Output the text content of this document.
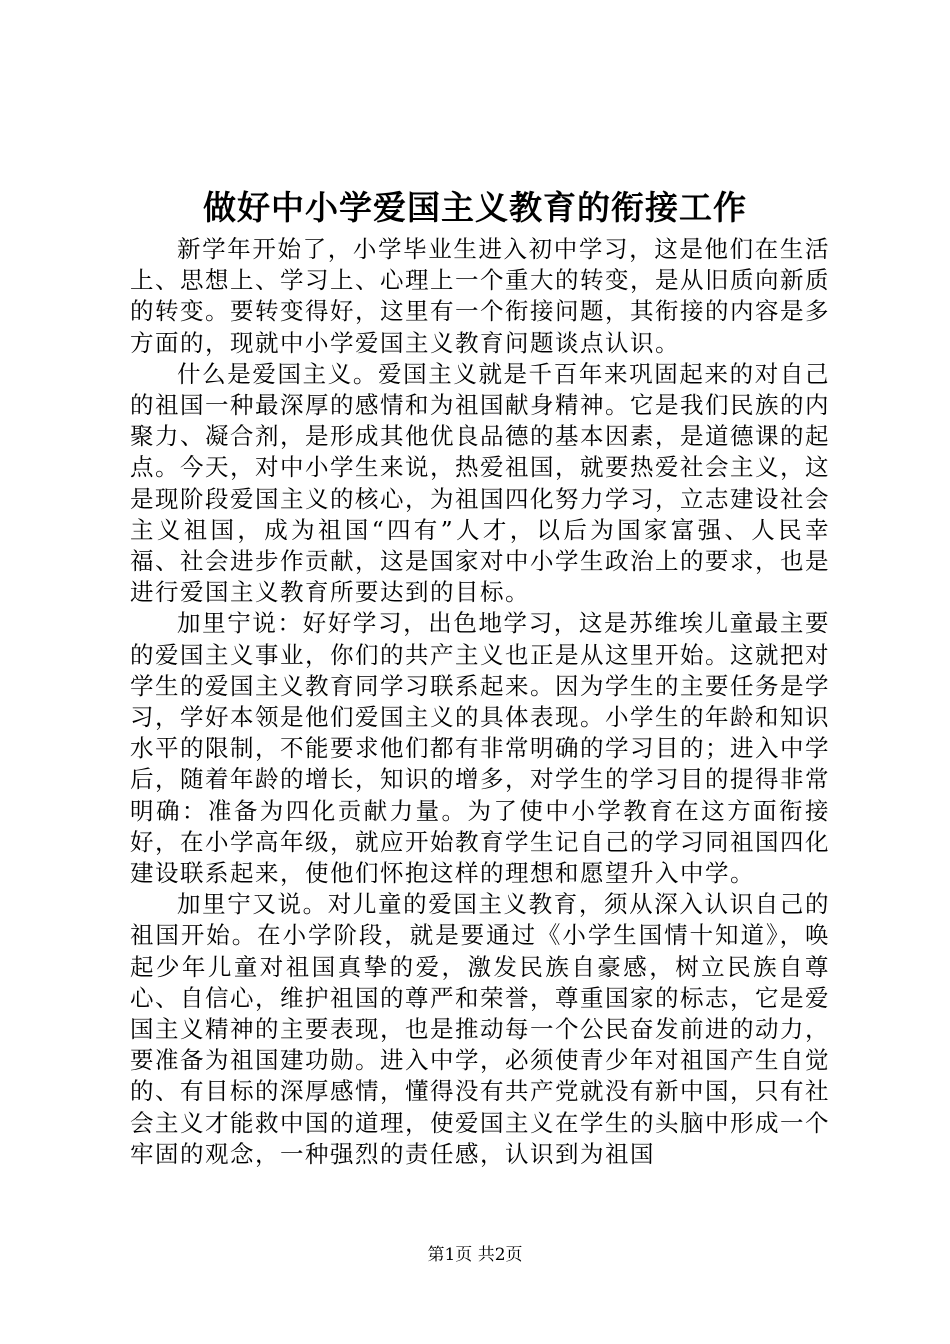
做好中小学爱国主义教育的衔接工作

新学年开始了，小学毕业生进入初中学习，这是他们在生活上、思想上、学习上、心理上一个重大的转变，是从旧质向新质的转变。要转变得好，这里有一个衔接问题，其衔接的内容是多方面的，现就中小学爱国主义教育问题谈点认识。

什么是爱国主义。爱国主义就是千百年来巩固起来的对自己的祖国一种最深厚的感情和为祖国献身精神。它是我们民族的内聚力、凝合剂，是形成其他优良品德的基本因素，是道德课的起点。今天，对中小学生来说，热爱祖国，就要热爱社会主义，这是现阶段爱国主义的核心，为祖国四化努力学习，立志建设社会主义祖国，成为祖国“四有”人才，以后为国家富强、人民幸福、社会进步作贡献，这是国家对中小学生政治上的要求，也是进行爱国主义教育所要达到的目标。

加里宁说：好好学习，出色地学习，这是苏维埃儿童最主要的爱国主义事业，你们的共产主义也正是从这里开始。这就把对学生的爱国主义教育同学习联系起来。因为学生的主要任务是学习，学好本领是他们爱国主义的具体表现。小学生的年龄和知识水平的限制，不能要求他们都有非常明确的学习目的；进入中学后，随着年龄的增长，知识的增多，对学生的学习目的提得非常明确：准备为四化贡献力量。为了使中小学教育在这方面衔接好，在小学高年级，就应开始教育学生记自己的学习同祖国四化建设联系起来，使他们怀抱这样的理想和愿望升入中学。

加里宁又说。对儿童的爱国主义教育，须从深入认识自己的祖国开始。在小学阶段，就是要通过《小学生国情十知道》，唤起少年儿童对祖国真挚的爱，激发民族自豪感，树立民族自尊心、自信心，维护祖国的尊严和荣誉，尊重国家的标志，它是爱国主义精神的主要表现，也是推动每一个公民奋发前进的动力，要准备为祖国建功勋。进入中学，必须使青少年对祖国产生自觉的、有目标的深厚感情，懂得没有共产党就没有新中国，只有社会主义才能救中国的道理，使爱国主义在学生的头脑中形成一个牢固的观念，一种强烈的责任感，认识到为祖国

第1页 共2页
